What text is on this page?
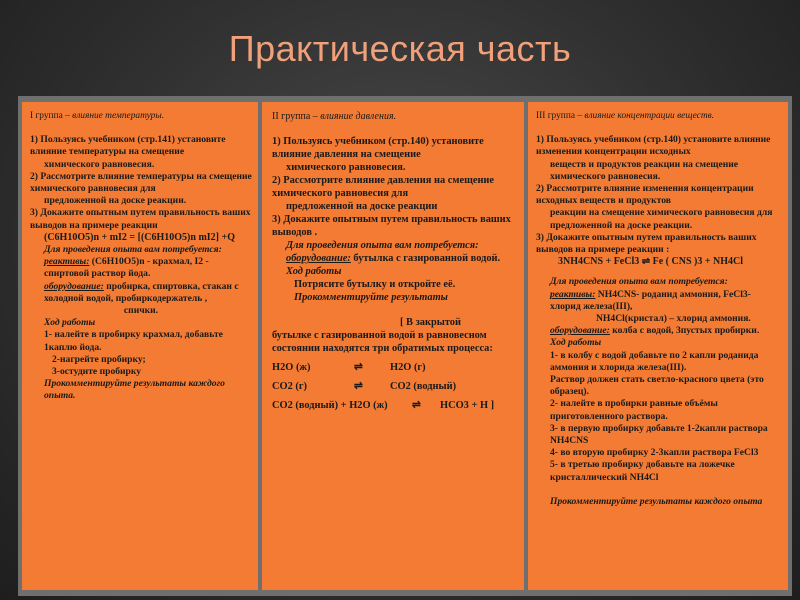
Практическая часть

I группа – влияние температуры.

1) Пользуясь учебником (стр.141) установите влияние температуры на смещение

химического равновесия.

2) Рассмотрите влияние температуры на смещение химического равновесия для

предложенной на доске реакции.

3) Докажите опытным путем правильность ваших выводов на примере реакции

(C6H10O5)n + mI2 = [(C6H10O5)n mI2] +Q

Для проведения опыта вам потребуется:

реактивы: (C6H10O5)n - крахмал, I2 - спиртовой раствор йода.

оборудование: пробирка, спиртовка, стакан с холодной водой, пробиркодержатель ,

спички.

Ход работы

1- налейте в пробирку крахмал, добавьте 1каплю йода.

2-нагрейте пробирку;

3-остудите пробирку

Прокомментируйте результаты каждого опыта.

II группа – влияние давления.

1) Пользуясь учебником (стр.140) установите влияние давления на смещение

химического равновесия.

2) Рассмотрите влияние давления на смещение химического равновесия для

предложенной на доске реакции

3) Докажите опытным путем правильность ваших выводов .

Для проведения опыта вам потребуется:

оборудование: бутылка с газированной водой.

Ход работы

Потрясите бутылку и откройте её.

Прокомментируйте результаты

[ В закрытой

бутылке с газированной водой в равновесном состоянии находятся три обратимых процесса:

H2O (ж)	⇌	H2O (г)

CO2 (г)	⇌	CO2 (водный)

CO2 (водный) + H2O (ж) ⇌ HCO3 + H ]

III группа – влияние концентрации веществ.

1) Пользуясь учебником (стр.140) установите влияние изменения концентрации исходных

веществ и продуктов реакции на смещение химического равновесия.

2) Рассмотрите влияние изменения концентрации исходных веществ и продуктов

реакции на смещение химического равновесия для предложенной на доске реакции.

3) Докажите опытным путем правильность ваших выводов на примере реакции :

3NH4CNS + FeCl3 ⇌ Fe ( CNS )3 + NH4Cl

Для проведения опыта вам потребуется:

реактивы: NH4CNS- роданид аммония, FeCl3- хлорид железа(III),

NH4Cl(кристал) – хлорид аммония.

оборудование: колба с водой, 3пустых пробирки.

Ход работы

1- в колбу с водой добавьте по 2 капли роданида аммония и хлорида железа(III).

Раствор должен стать светло-красного цвета (это образец).

2- налейте в пробирки равные объёмы приготовленного раствора.

3- в первую пробирку добавьте 1-2капли раствора NH4CNS

4- во вторую пробирку 2-3капли раствора FeCl3

5- в третью пробирку добавьте на ложечке кристаллический NH4Cl

Прокомментируйте результаты каждого опыта
